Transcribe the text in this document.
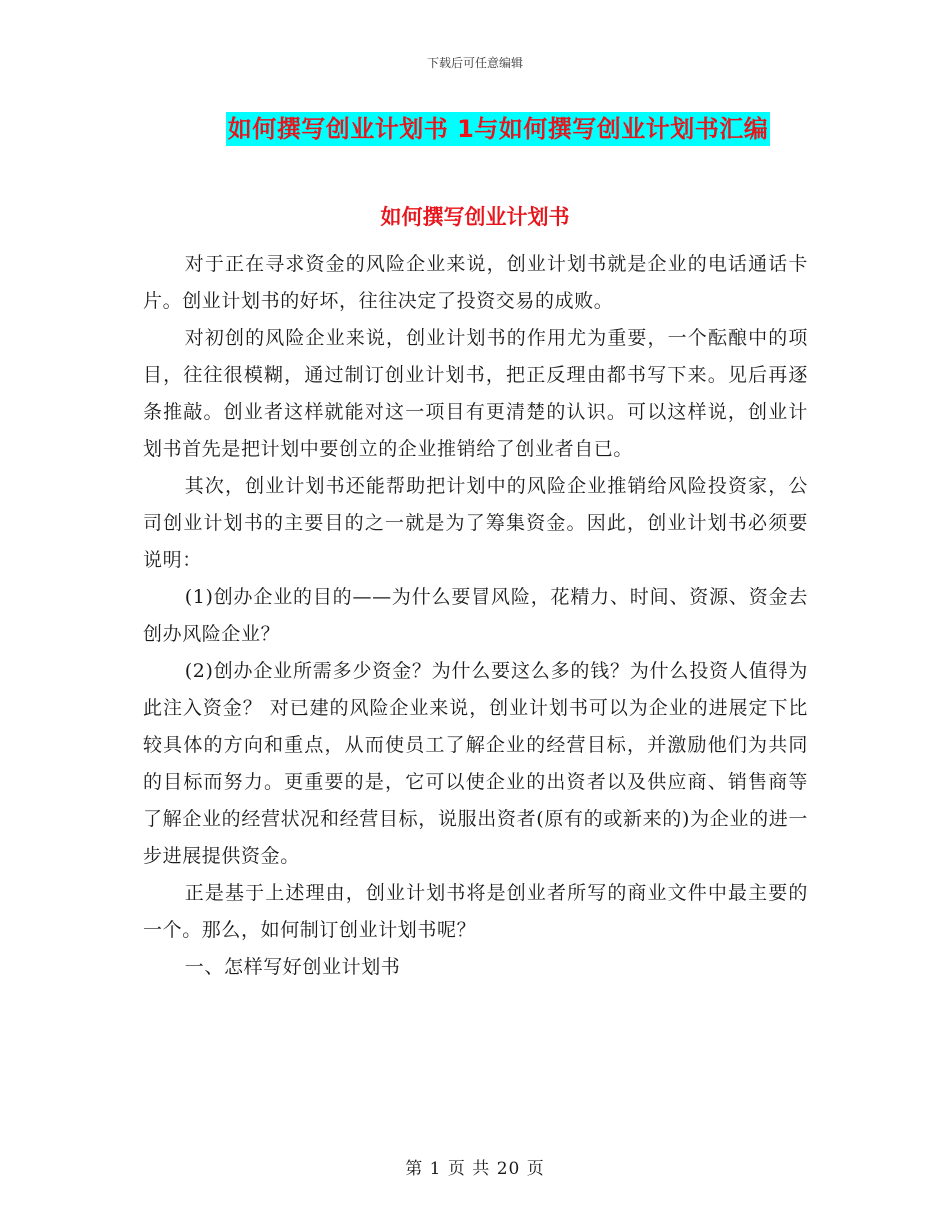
下载后可任意编辑
如何撰写创业计划书 1与如何撰写创业计划书汇编
如何撰写创业计划书

对于正在寻求资金的风险企业来说，创业计划书就是企业的电话通话卡片。创业计划书的好坏，往往决定了投资交易的成败。

对初创的风险企业来说，创业计划书的作用尤为重要，一个酝酿中的项目，往往很模糊，通过制订创业计划书，把正反理由都书写下来。见后再逐条推敲。创业者这样就能对这一项目有更清楚的认识。可以这样说，创业计划书首先是把计划中要创立的企业推销给了创业者自已。

其次，创业计划书还能帮助把计划中的风险企业推销给风险投资家，公司创业计划书的主要目的之一就是为了筹集资金。因此，创业计划书必须要说明：

(1)创办企业的目的——为什么要冒风险，花精力、时间、资源、资金去创办风险企业？

(2)创办企业所需多少资金？为什么要这么多的钱？为什么投资人值得为此注入资金？ 对已建的风险企业来说，创业计划书可以为企业的进展定下比较具体的方向和重点，从而使员工了解企业的经营目标，并激励他们为共同的目标而努力。更重要的是，它可以使企业的出资者以及供应商、销售商等了解企业的经营状况和经营目标，说服出资者(原有的或新来的)为企业的进一步进展提供资金。

正是基于上述理由，创业计划书将是创业者所写的商业文件中最主要的一个。那么，如何制订创业计划书呢？

一、怎样写好创业计划书

第 1 页 共 20 页
